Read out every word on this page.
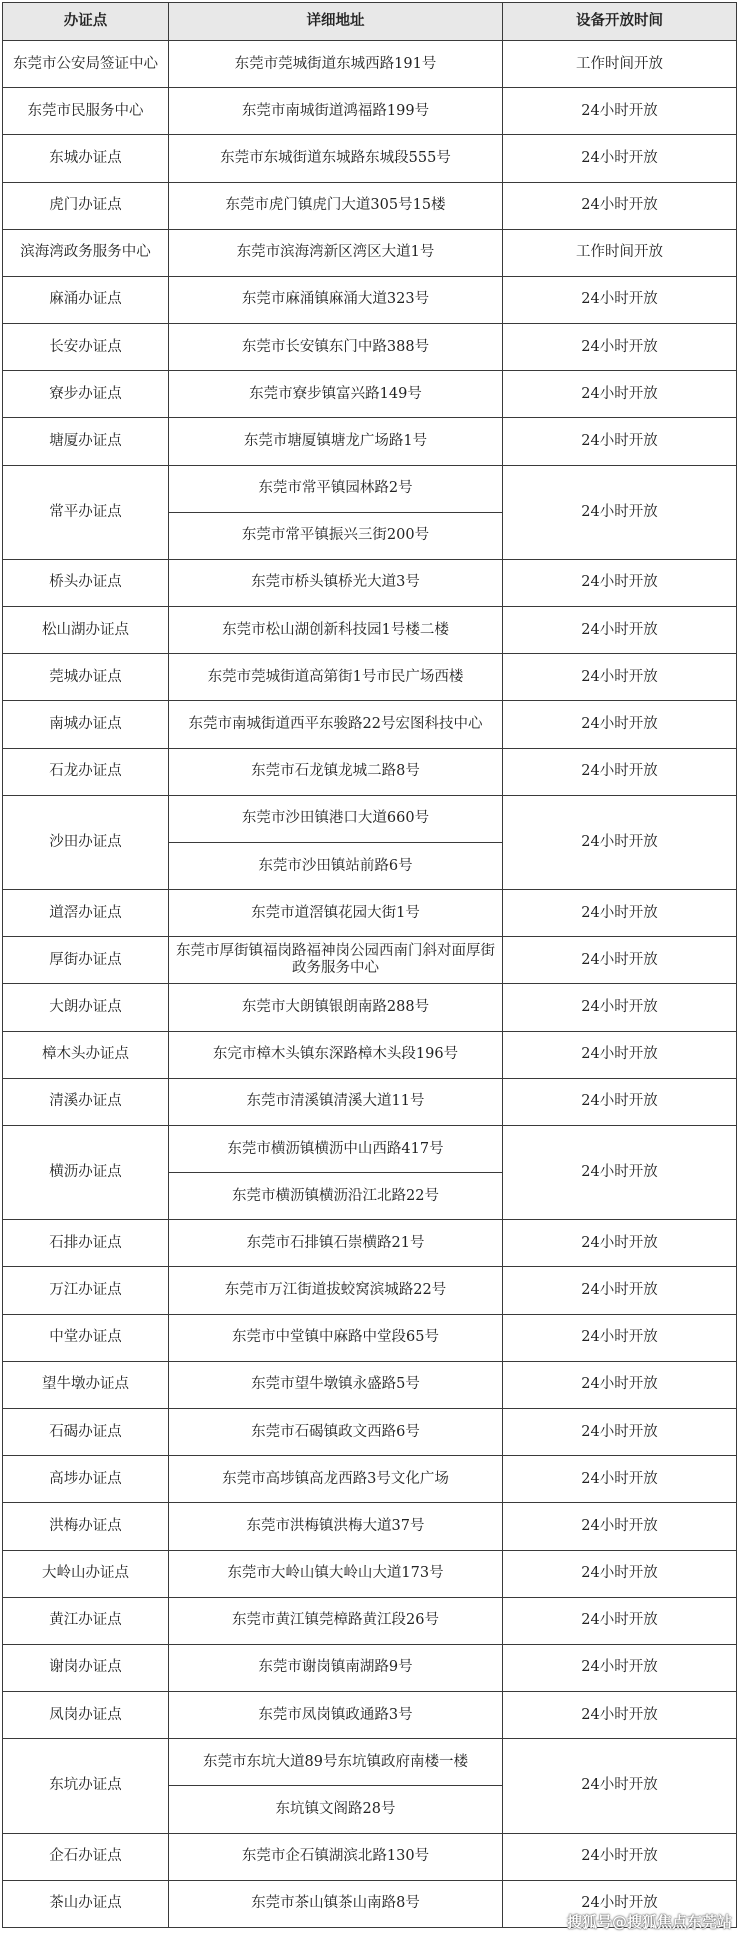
办证点	详细地址	设备开放时间
东莞市公安局签证中心	东莞市莞城街道东城西路191号	工作时间开放
东莞市民服务中心	东莞市南城街道鸿福路199号	24小时开放
东城办证点	东莞市东城街道东城路东城段555号	24小时开放
虎门办证点	东莞市虎门镇虎门大道305号15楼	24小时开放
滨海湾政务服务中心	东莞市滨海湾新区湾区大道1号	工作时间开放
麻涌办证点	东莞市麻涌镇麻涌大道323号	24小时开放
长安办证点	东莞市长安镇东门中路388号	24小时开放
寮步办证点	东莞市寮步镇富兴路149号	24小时开放
塘厦办证点	东莞市塘厦镇塘龙广场路1号	24小时开放
常平办证点	东莞市常平镇园林路2号	24小时开放
	东莞市常平镇振兴三街200号	
桥头办证点	东莞市桥头镇桥光大道3号	24小时开放
松山湖办证点	东莞市松山湖创新科技园1号楼二楼	24小时开放
莞城办证点	东莞市莞城街道高第街1号市民广场西楼	24小时开放
南城办证点	东莞市南城街道西平东骏路22号宏图科技中心	24小时开放
石龙办证点	东莞市石龙镇龙城二路8号	24小时开放
沙田办证点	东莞市沙田镇港口大道660号	24小时开放
	东莞市沙田镇站前路6号	
道滘办证点	东莞市道滘镇花园大街1号	24小时开放
厚街办证点	东莞市厚街镇福岗路福神岗公园西南门斜对面厚街政务服务中心	24小时开放
大朗办证点	东莞市大朗镇银朗南路288号	24小时开放
樟木头办证点	东完市樟木头镇东深路樟木头段196号	24小时开放
清溪办证点	东莞市清溪镇清溪大道11号	24小时开放
横沥办证点	东莞市横沥镇横沥中山西路417号	24小时开放
	东莞市横沥镇横沥沿江北路22号	
石排办证点	东莞市石排镇石崇横路21号	24小时开放
万江办证点	东莞市万江街道拔蛟窝滨城路22号	24小时开放
中堂办证点	东莞市中堂镇中麻路中堂段65号	24小时开放
望牛墩办证点	东莞市望牛墩镇永盛路5号	24小时开放
石碣办证点	东莞市石碣镇政文西路6号	24小时开放
高埗办证点	东莞市高埗镇高龙西路3号文化广场	24小时开放
洪梅办证点	东莞市洪梅镇洪梅大道37号	24小时开放
大岭山办证点	东莞市大岭山镇大岭山大道173号	24小时开放
黄江办证点	东莞市黄江镇莞樟路黄江段26号	24小时开放
谢岗办证点	东莞市谢岗镇南湖路9号	24小时开放
凤岗办证点	东莞市凤岗镇政通路3号	24小时开放
东坑办证点	东莞市东坑大道89号东坑镇政府南楼一楼	24小时开放
	东坑镇文阁路28号	
企石办证点	东莞市企石镇湖滨北路130号	24小时开放
茶山办证点	东莞市茶山镇茶山南路8号	24小时开放
搜狐号@搜狐焦点东莞站
